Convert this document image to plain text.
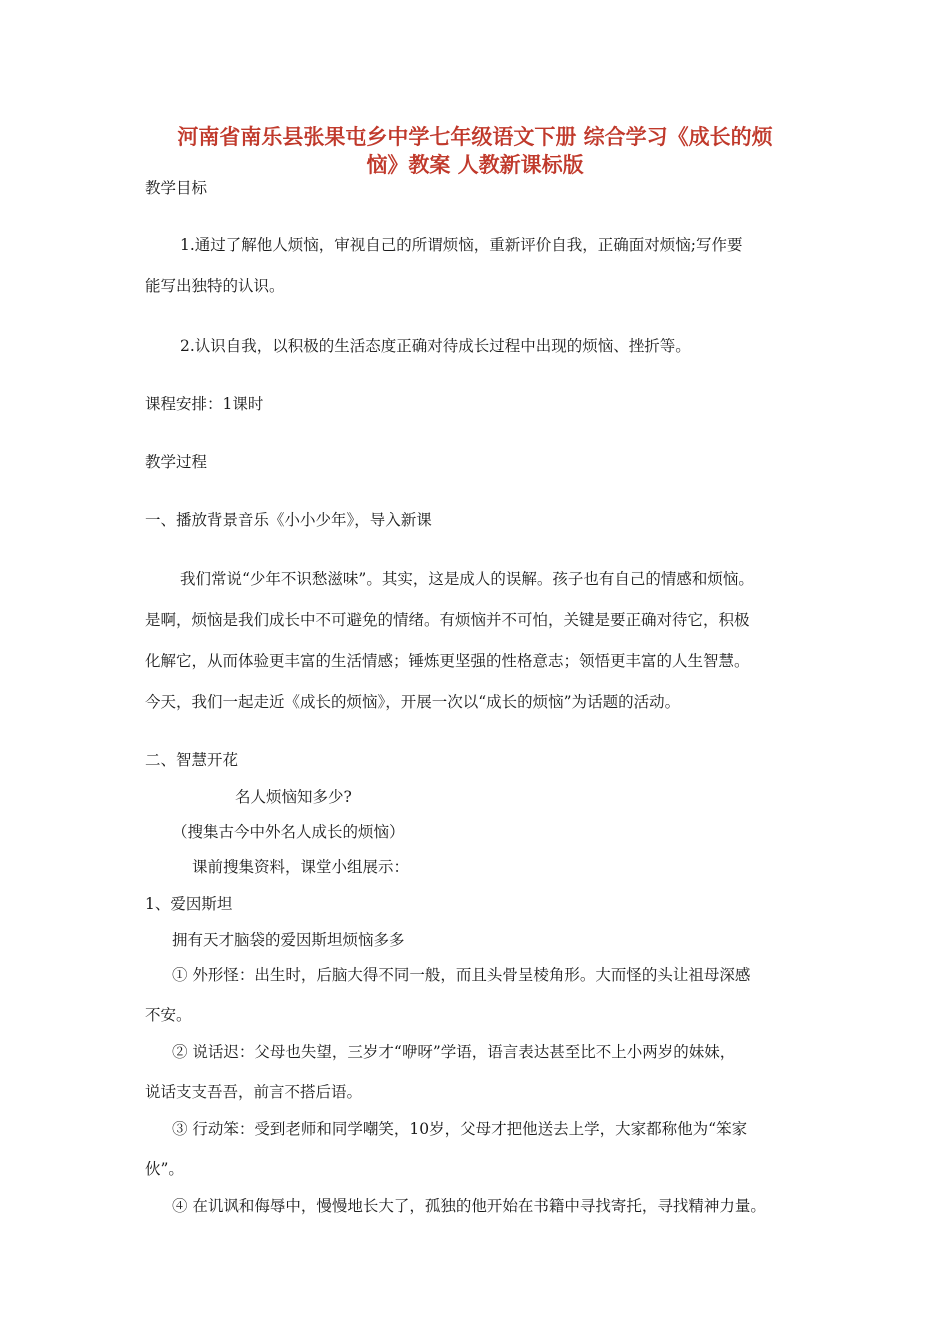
河南省南乐县张果屯乡中学七年级语文下册 综合学习《成长的烦
恼》教案 人教新课标版
教学目标
1.通过了解他人烦恼，审视自己的所谓烦恼，重新评价自我，正确面对烦恼;写作要
能写出独特的认识。
2.认识自我，以积极的生活态度正确对待成长过程中出现的烦恼、挫折等。
课程安排：1课时
教学过程
一、播放背景音乐《小小少年》，导入新课
我们常说“少年不识愁滋味”。其实，这是成人的误解。孩子也有自己的情感和烦恼。
是啊，烦恼是我们成长中不可避免的情绪。有烦恼并不可怕，关键是要正确对待它，积极
化解它，从而体验更丰富的生活情感；锤炼更坚强的性格意志；领悟更丰富的人生智慧。
今天，我们一起走近《成长的烦恼》，开展一次以“成长的烦恼”为话题的活动。
二、智慧开花
名人烦恼知多少?
（搜集古今中外名人成长的烦恼）
课前搜集资料，课堂小组展示：
1、爱因斯坦
拥有天才脑袋的爱因斯坦烦恼多多
① 外形怪：出生时，后脑大得不同一般，而且头骨呈棱角形。大而怪的头让祖母深感
不安。
② 说话迟：父母也失望，三岁才“咿呀”学语，语言表达甚至比不上小两岁的妹妹，
说话支支吾吾，前言不搭后语。
③ 行动笨：受到老师和同学嘲笑，10岁，父母才把他送去上学，大家都称他为“笨家
伙”。
④ 在讥讽和侮辱中，慢慢地长大了，孤独的他开始在书籍中寻找寄托，寻找精神力量。
